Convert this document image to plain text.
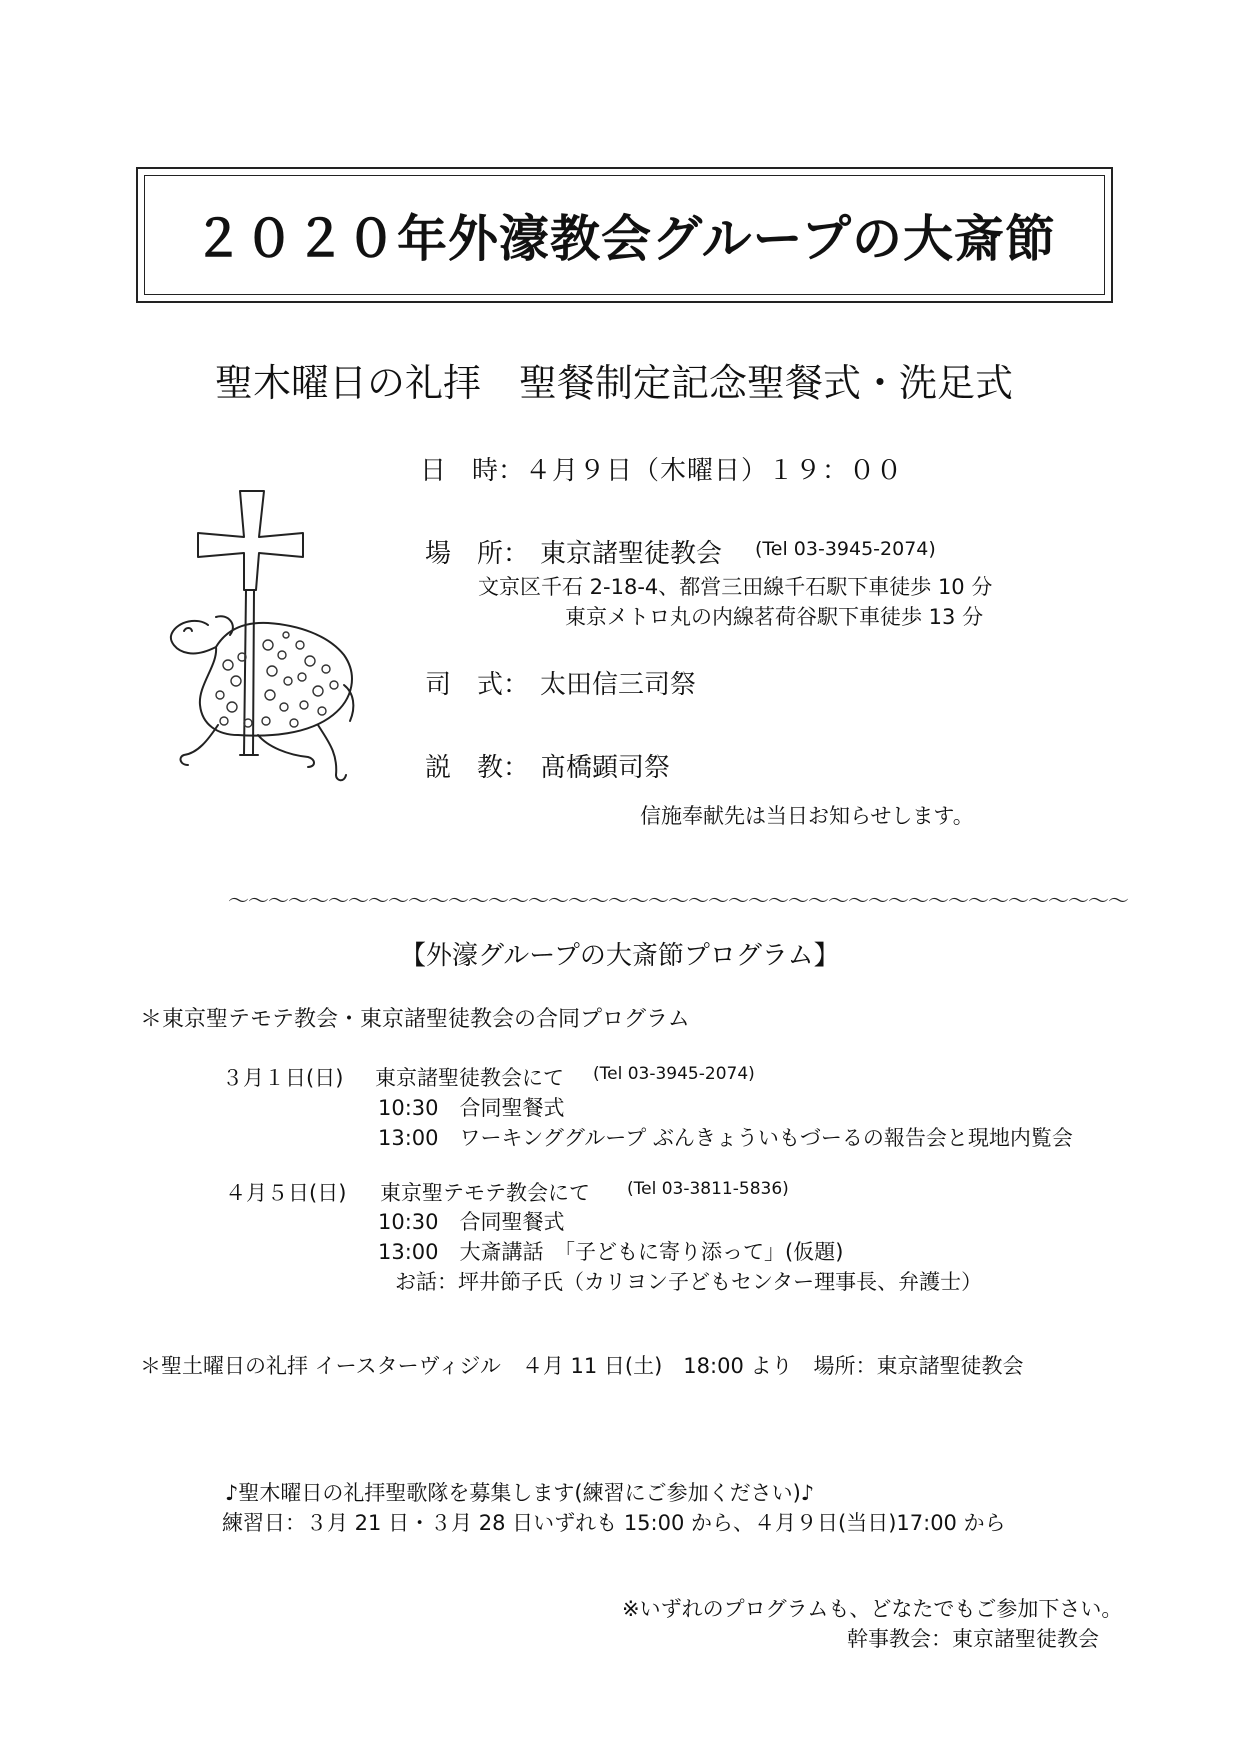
２０２０年外濠教会グループの大斎節
聖木曜日の礼拝　聖餐制定記念聖餐式・洗足式
日　時： ４月９日（木曜日）１９：００
場　所： 東京諸聖徒教会 (Tel 03-3945-2074)
文京区千石 2-18-4、都営三田線千石駅下車徒歩 10 分
東京メトロ丸の内線茗荷谷駅下車徒歩 13 分
司　式： 太田信三司祭
説　教： 髙橋顕司祭
信施奉献先は当日お知らせします。
～～～～～～～～～～～～～～～～～～～～～～～～～～～～～～～～～～～～～～～～～～～～～
【外濠グループの大斎節プログラム】
＊東京聖テモテ教会・東京諸聖徒教会の合同プログラム
３月１日(日) 東京諸聖徒教会にて (Tel 03-3945-2074)
10:30　合同聖餐式
13:00　ワーキンググループ ぶんきょういもづーるの報告会と現地内覧会
４月５日(日) 東京聖テモテ教会にて (Tel 03-3811-5836)
10:30　合同聖餐式
13:00　大斎講話　「子どもに寄り添って」(仮題)
お話：坪井節子氏（カリヨン子どもセンター理事長、弁護士）
＊聖土曜日の礼拝 イースターヴィジル　４月 11 日(土)　18:00 より　場所：東京諸聖徒教会
♪聖木曜日の礼拝聖歌隊を募集します(練習にご参加ください)♪
練習日：３月 21 日・３月 28 日いずれも 15:00 から、４月９日(当日)17:00 から
※いずれのプログラムも、どなたでもご参加下さい。
幹事教会：東京諸聖徒教会
